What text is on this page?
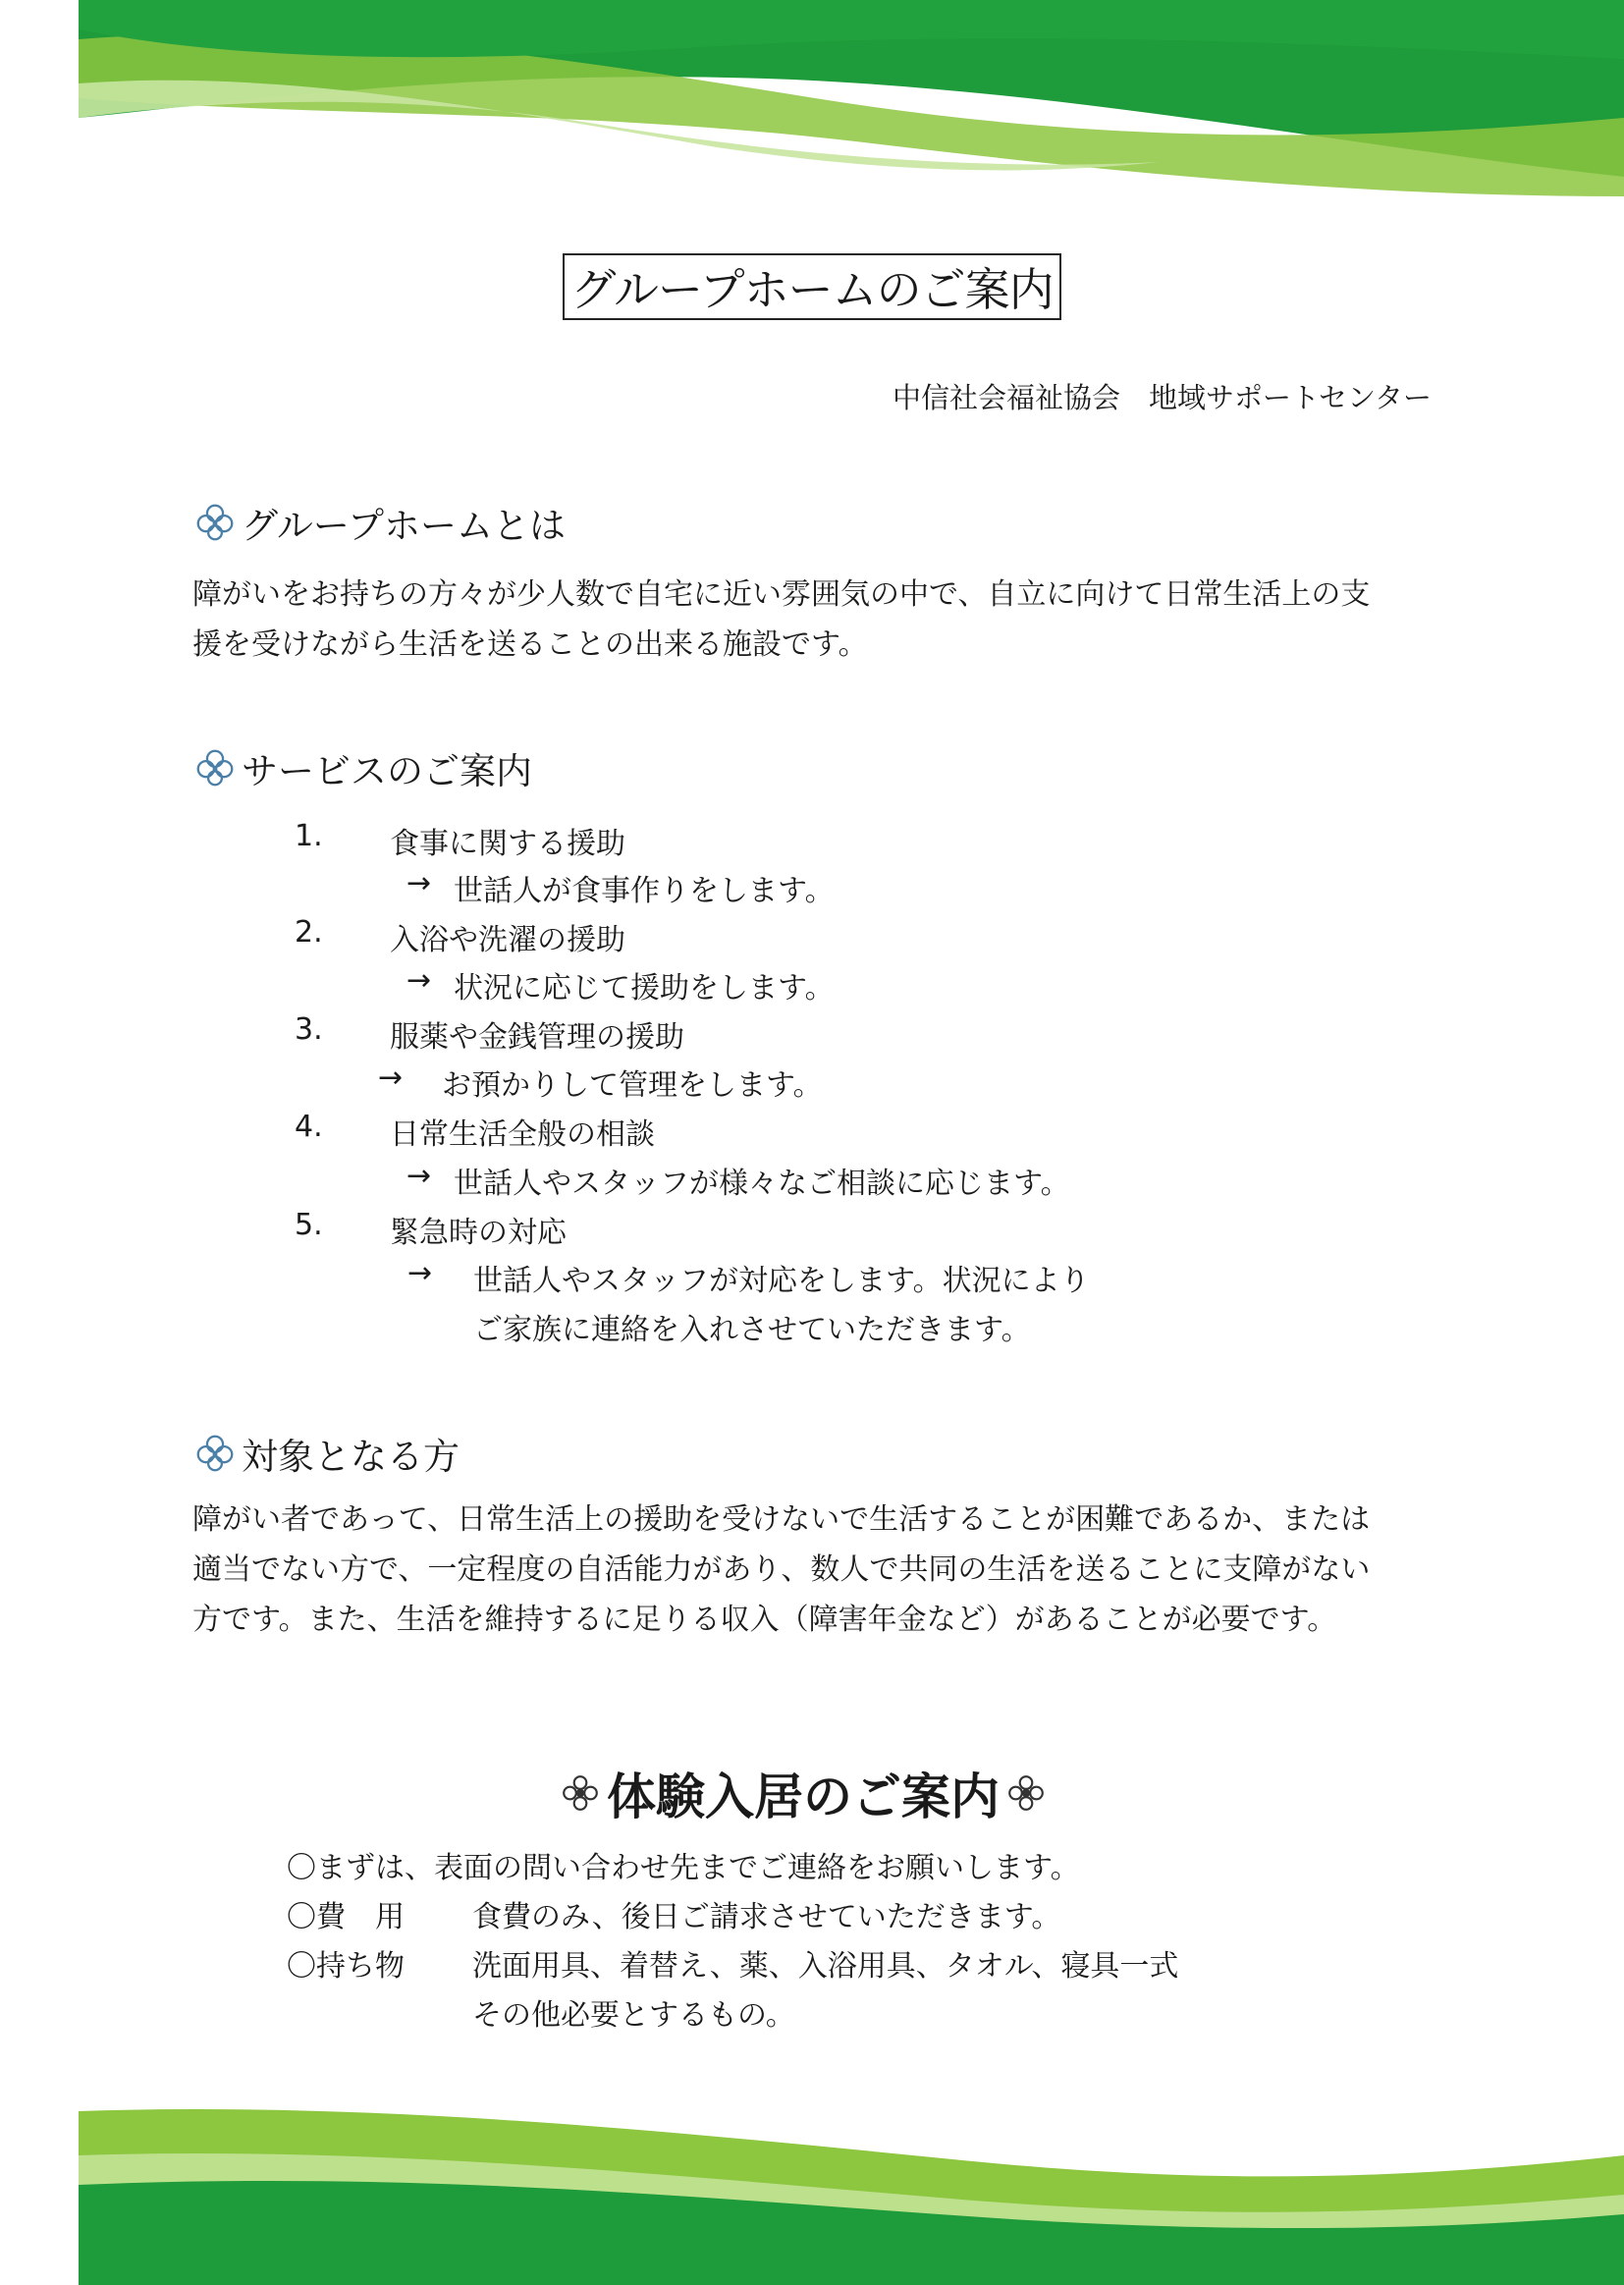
グループホームのご案内
中信社会福祉協会　地域サポートセンター
グループホームとは
障がいをお持ちの方々が少人数で自宅に近い雰囲気の中で、自立に向けて日常生活上の支
援を受けながら生活を送ることの出来る施設です。
サービスのご案内
1. 食事に関する援助
→ 世話人が食事作りをします。
2. 入浴や洗濯の援助
→ 状況に応じて援助をします。
3. 服薬や金銭管理の援助
→ お預かりして管理をします。
4. 日常生活全般の相談
→ 世話人やスタッフが様々なご相談に応じます。
5. 緊急時の対応
→ 世話人やスタッフが対応をします。状況により
ご家族に連絡を入れさせていただきます。
対象となる方
障がい者であって、日常生活上の援助を受けないで生活することが困難であるか、または
適当でない方で、一定程度の自活能力があり、数人で共同の生活を送ることに支障がない
方です。また、生活を維持するに足りる収入（障害年金など）があることが必要です。
体験入居のご案内
〇まずは、表面の問い合わせ先までご連絡をお願いします。
〇費　用 食費のみ、後日ご請求させていただきます。
〇持ち物 洗面用具、着替え、薬、入浴用具、タオル、寝具一式
その他必要とするもの。
